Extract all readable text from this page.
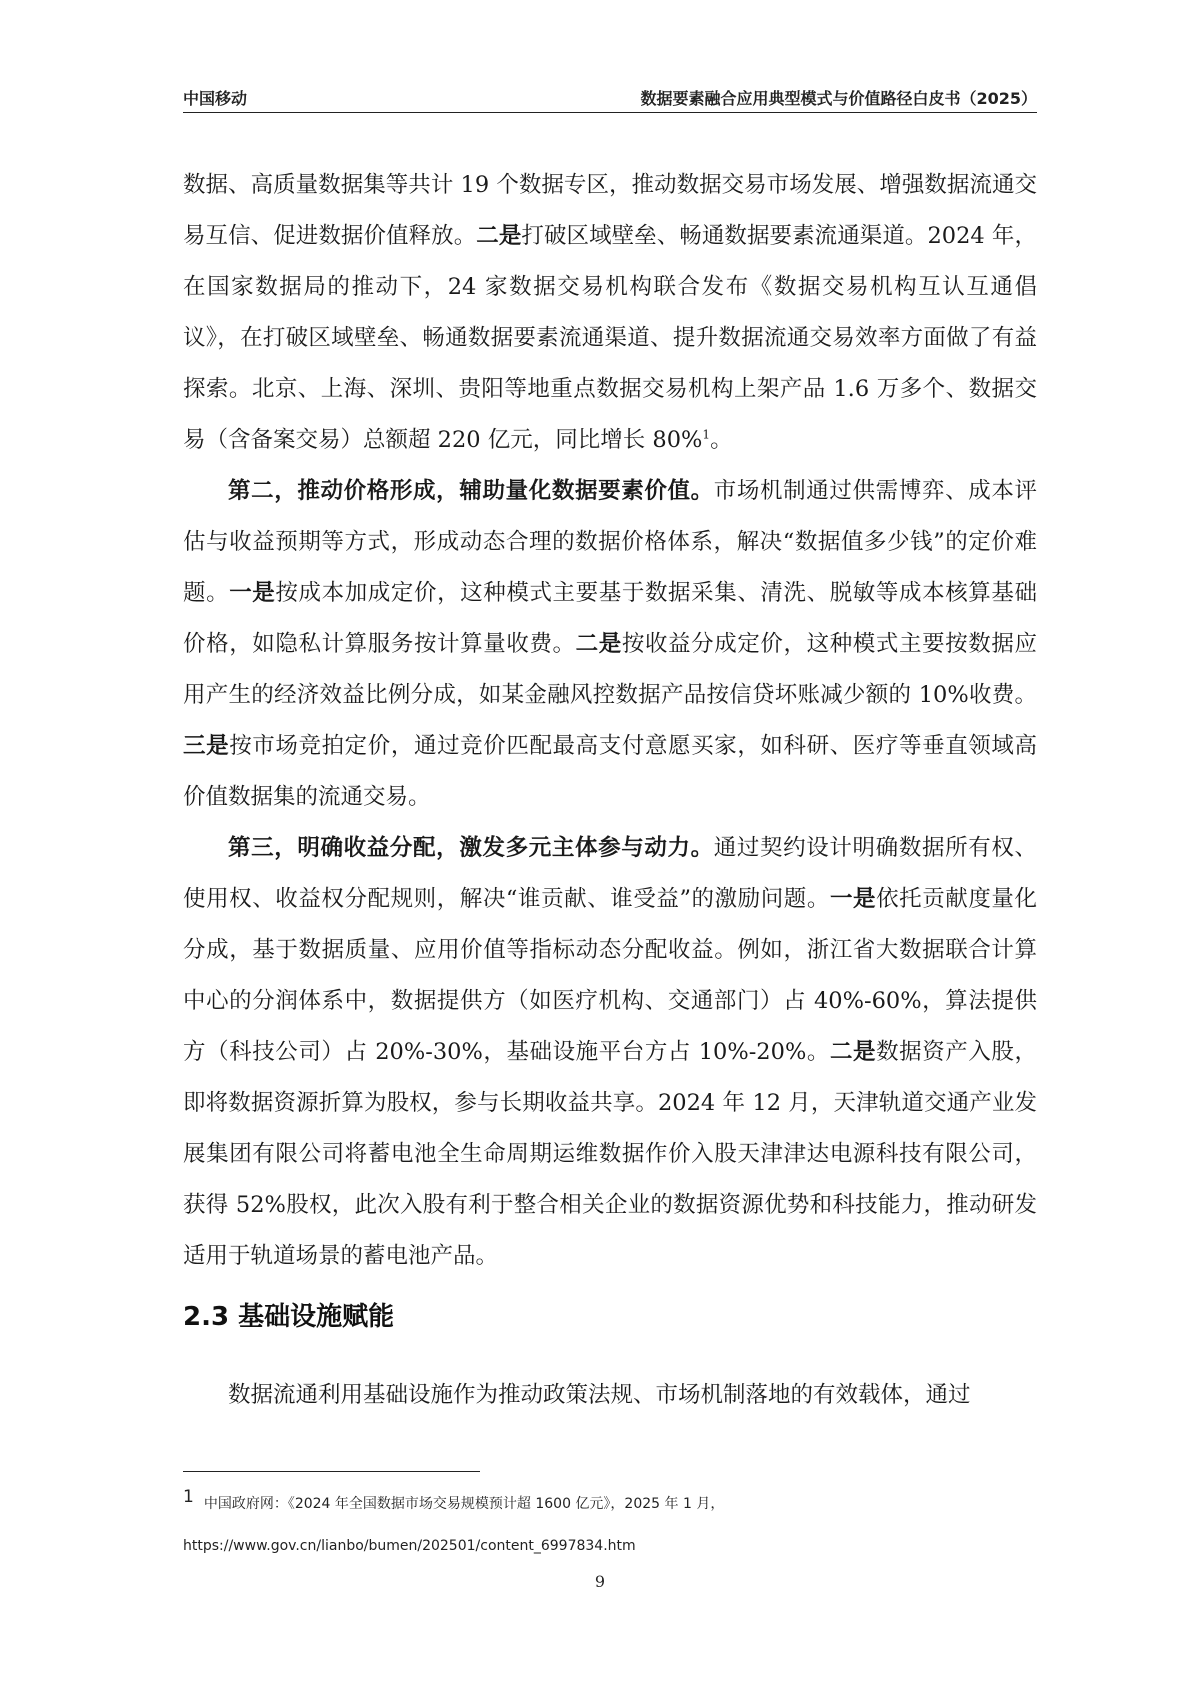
中国移动	数据要素融合应用典型模式与价值路径白皮书（2025）

数据、高质量数据集等共计 19 个数据专区，推动数据交易市场发展、增强数据流通交易互信、促进数据价值释放。二是打破区域壁垒、畅通数据要素流通渠道。2024 年，在国家数据局的推动下，24 家数据交易机构联合发布《数据交易机构互认互通倡议》，在打破区域壁垒、畅通数据要素流通渠道、提升数据流通交易效率方面做了有益探索。北京、上海、深圳、贵阳等地重点数据交易机构上架产品 1.6 万多个、数据交易（含备案交易）总额超 220 亿元，同比增长 80%$^1$。

第二，推动价格形成，辅助量化数据要素价值。市场机制通过供需博弈、成本评估与收益预期等方式，形成动态合理的数据价格体系，解决“数据值多少钱”的定价难题。一是按成本加成定价，这种模式主要基于数据采集、清洗、脱敏等成本核算基础价格，如隐私计算服务按计算量收费。二是按收益分成定价，这种模式主要按数据应用产生的经济效益比例分成，如某金融风控数据产品按信贷坏账减少额的 10%收费。三是按市场竞拍定价，通过竞价匹配最高支付意愿买家，如科研、医疗等垂直领域高价值数据集的流通交易。

第三，明确收益分配，激发多元主体参与动力。通过契约设计明确数据所有权、使用权、收益权分配规则，解决“谁贡献、谁受益”的激励问题。一是依托贡献度量化分成，基于数据质量、应用价值等指标动态分配收益。例如，浙江省大数据联合计算中心的分润体系中，数据提供方（如医疗机构、交通部门）占 40%-60%，算法提供方（科技公司）占 20%-30%，基础设施平台方占 10%-20%。二是数据资产入股，即将数据资源折算为股权，参与长期收益共享。2024 年 12 月，天津轨道交通产业发展集团有限公司将蓄电池全生命周期运维数据作价入股天津津达电源科技有限公司，获得 52%股权，此次入股有利于整合相关企业的数据资源优势和科技能力，推动研发适用于轨道场景的蓄电池产品。

2.3 基础设施赋能
数据流通利用基础设施作为推动政策法规、市场机制落地的有效载体，通过
1 中国政府网：《2024 年全国数据市场交易规模预计超 1600 亿元》，2025 年 1 月，
https://www.gov.cn/lianbo/bumen/202501/content_6997834.htm
9
